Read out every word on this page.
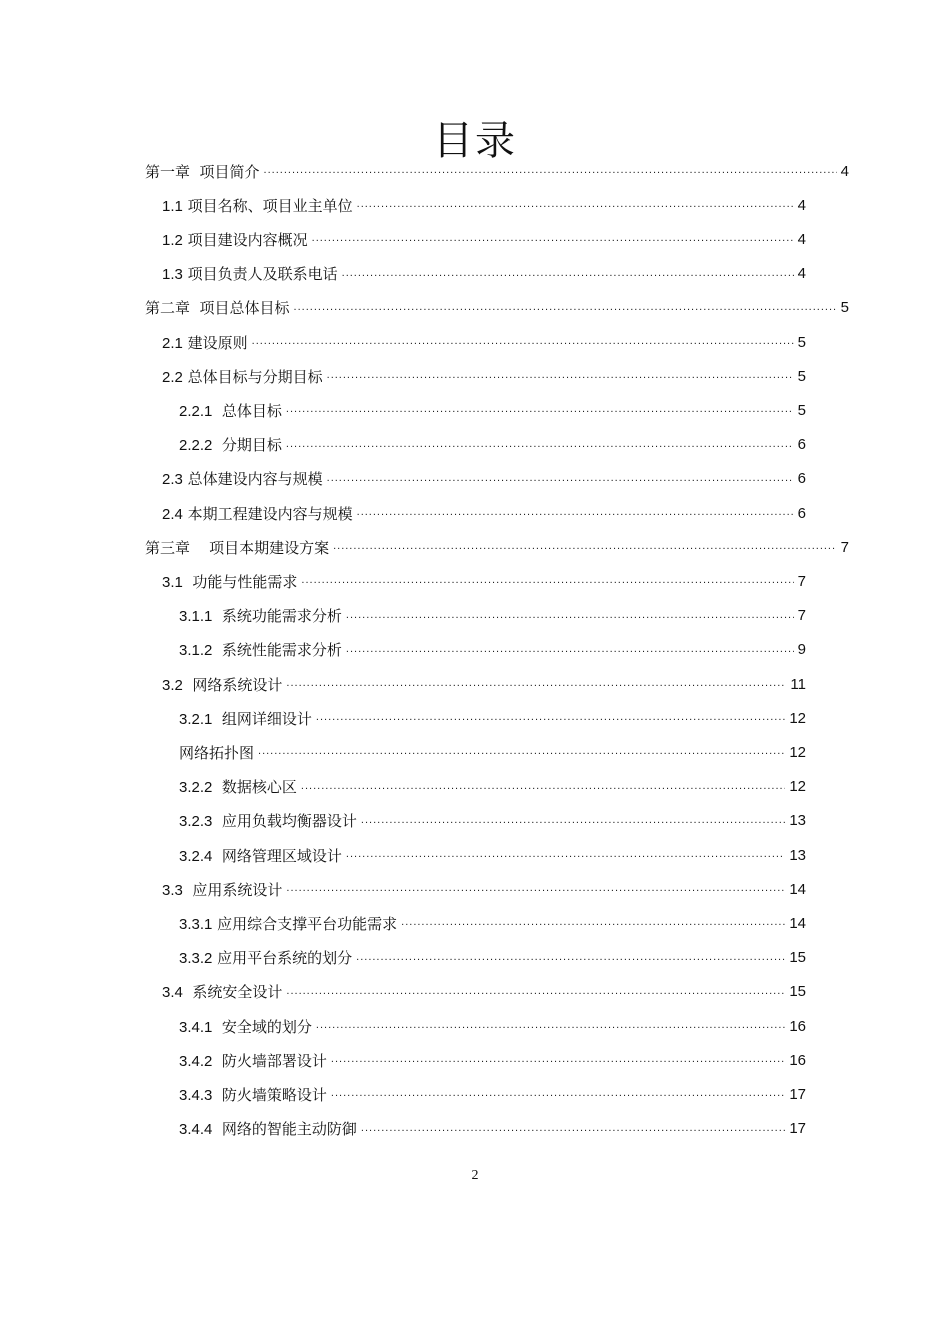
目录
第一章  项目简介 .....	4
1.1 项目名称、项目业主单位 .....	4
1.2 项目建设内容概况 .....	4
1.3 项目负责人及联系电话 .....	4
第二章  项目总体目标 .....	5
2.1 建设原则 .....	5
2.2 总体目标与分期目标 .....	5
2.2.1  总体目标 .....	5
2.2.2  分期目标 .....	6
2.3 总体建设内容与规模 .....	6
2.4 本期工程建设内容与规模 .....	6
第三章    项目本期建设方案 .....	7
3.1  功能与性能需求 .....	7
3.1.1  系统功能需求分析 .....	7
3.1.2  系统性能需求分析 .....	9
3.2  网络系统设计 .....	11
3.2.1  组网详细设计 .....	12
网络拓扑图 .....	12
3.2.2  数据核心区 .....	12
3.2.3  应用负载均衡器设计 .....	13
3.2.4  网络管理区域设计 .....	13
3.3  应用系统设计 .....	14
3.3.1 应用综合支撑平台功能需求 .....	14
3.3.2 应用平台系统的划分 .....	15
3.4  系统安全设计 .....	15
3.4.1  安全域的划分 .....	16
3.4.2  防火墙部署设计 .....	16
3.4.3  防火墙策略设计 .....	17
3.4.4  网络的智能主动防御 .....	17
2
